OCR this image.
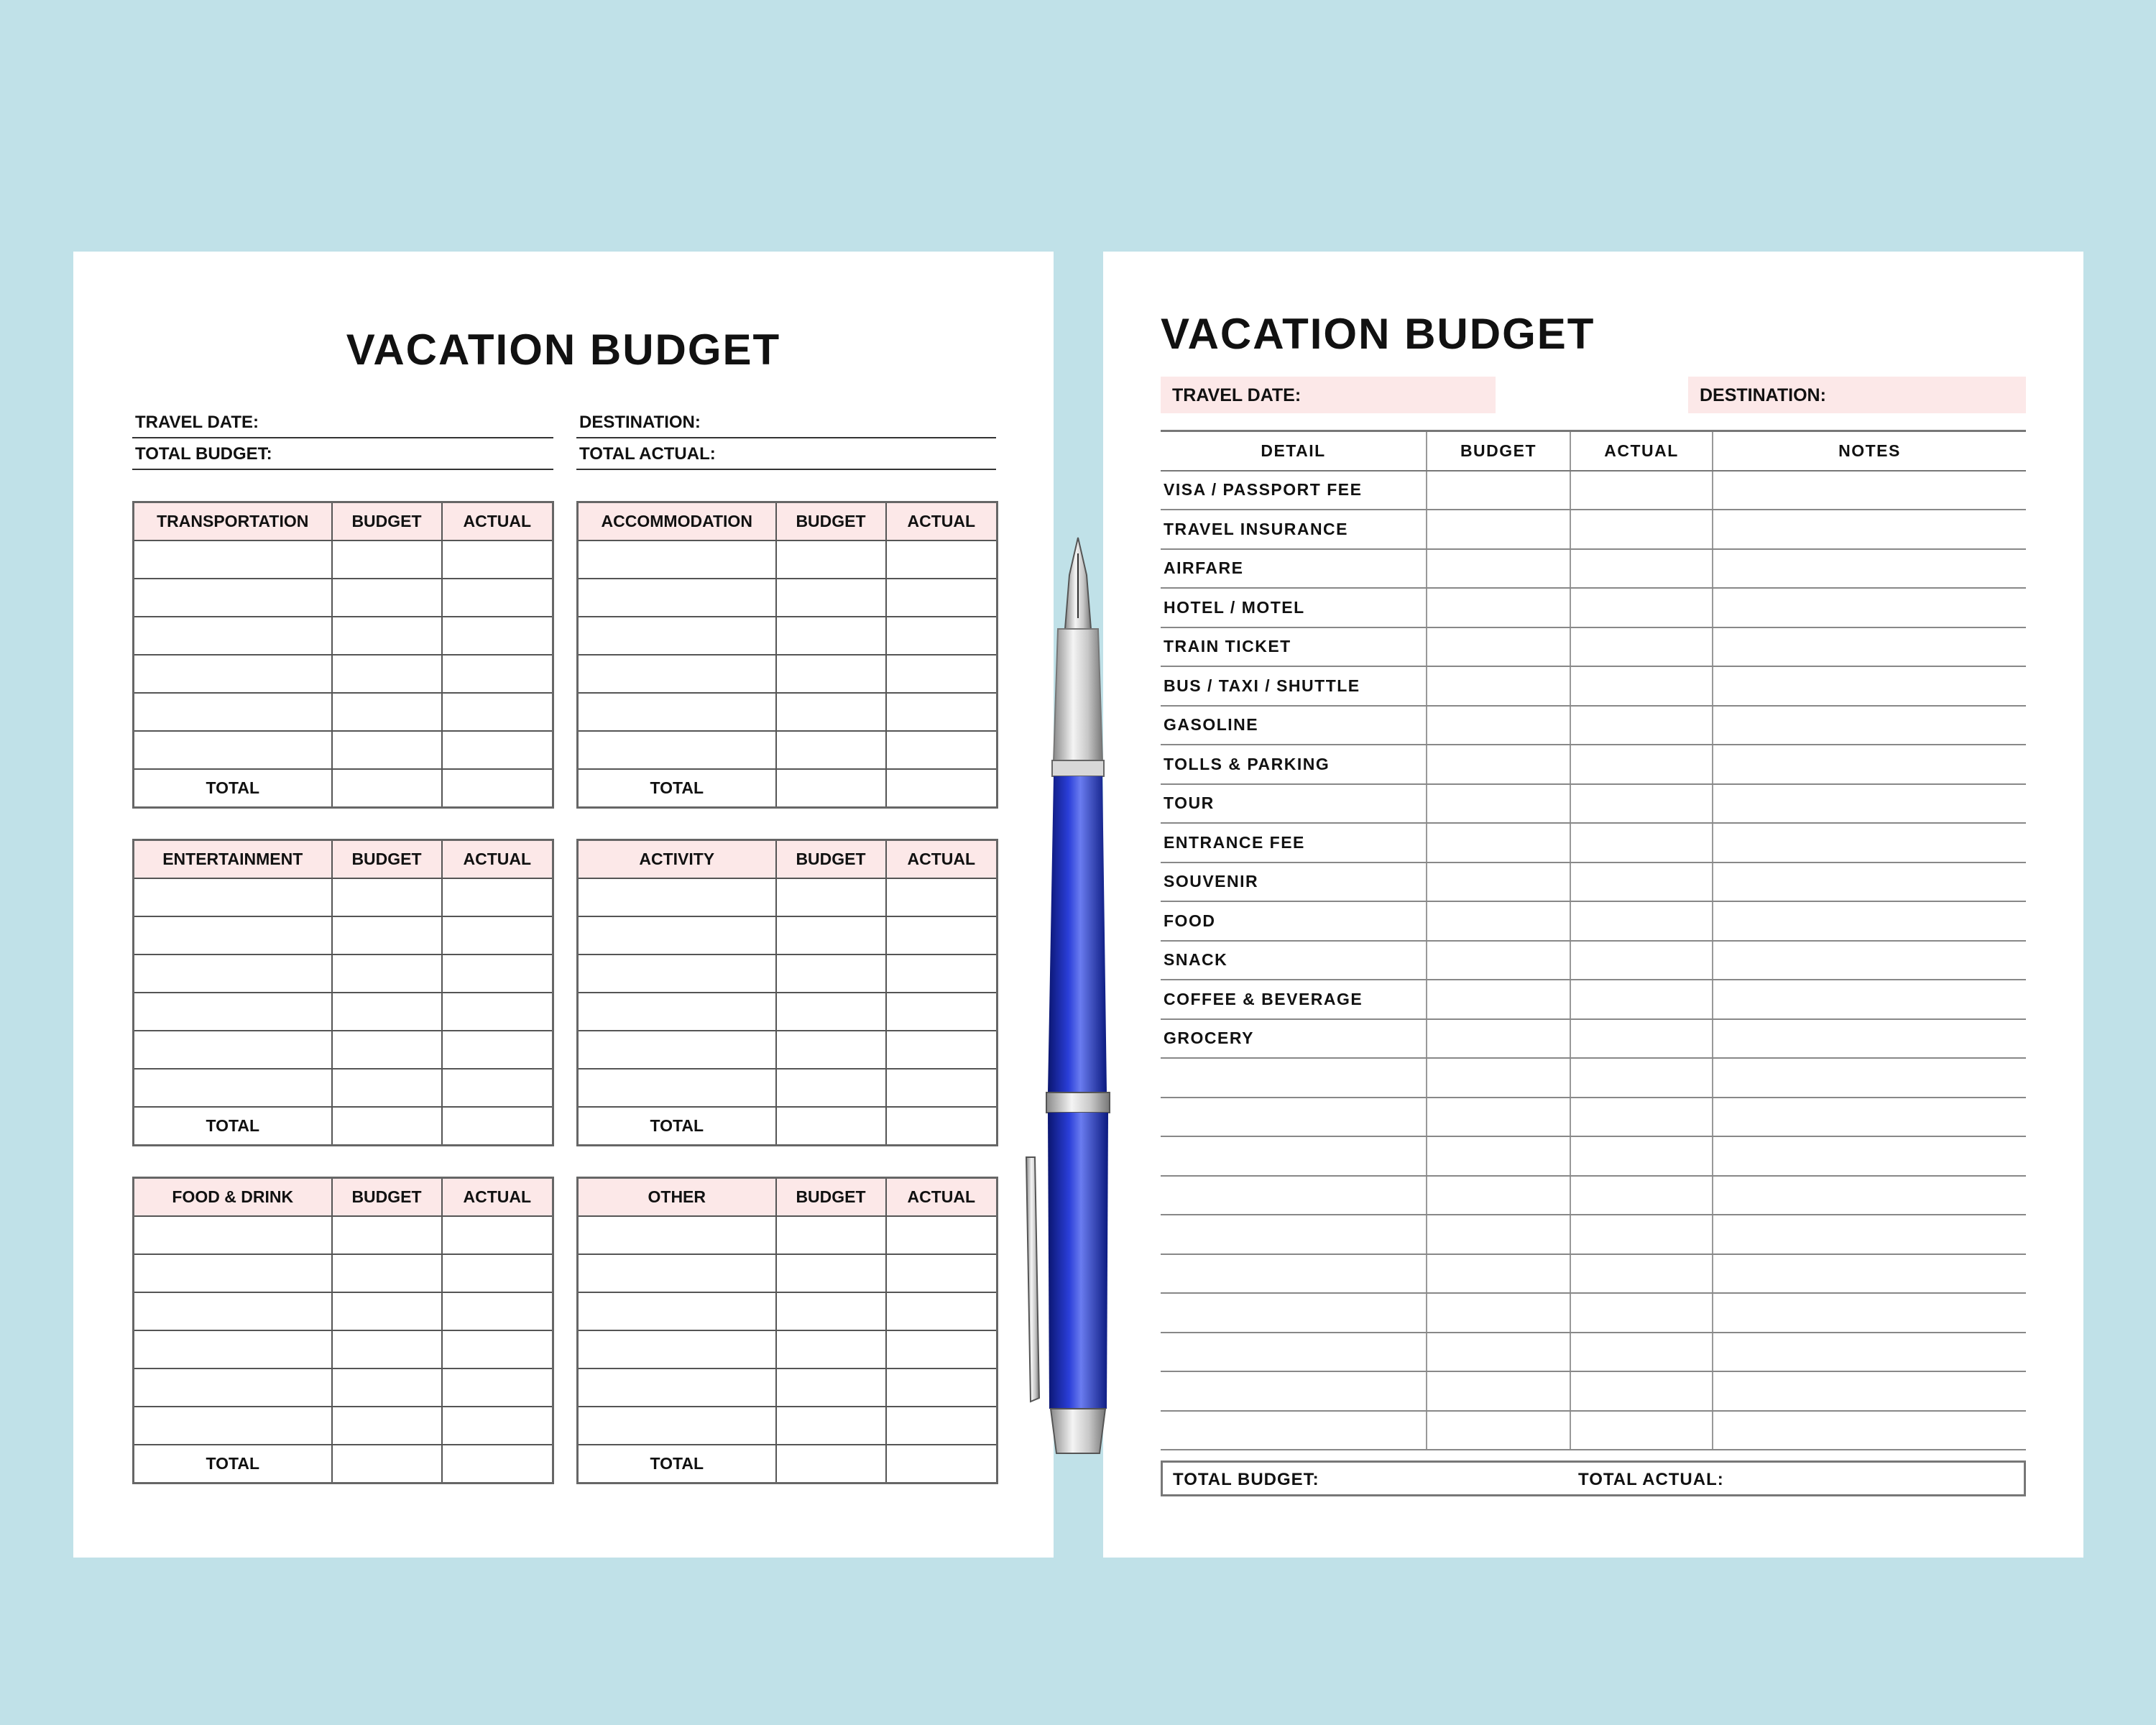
VACATION BUDGET
TRAVEL DATE:	DESTINATION:
TOTAL BUDGET:	TOTAL ACTUAL:
TRANSPORTATION	BUDGET	ACTUAL

TOTAL		
ACCOMMODATION	BUDGET	ACTUAL

TOTAL		
ENTERTAINMENT	BUDGET	ACTUAL

TOTAL		
ACTIVITY	BUDGET	ACTUAL

TOTAL		
FOOD & DRINK	BUDGET	ACTUAL

TOTAL		
OTHER	BUDGET	ACTUAL

TOTAL		
VACATION BUDGET
TRAVEL DATE:	DESTINATION:
DETAIL	BUDGET	ACTUAL	NOTES
VISA / PASSPORT FEE			
TRAVEL INSURANCE			
AIRFARE			
HOTEL / MOTEL			
TRAIN TICKET			
BUS / TAXI / SHUTTLE			
GASOLINE			
TOLLS & PARKING			
TOUR			
ENTRANCE FEE			
SOUVENIR			
FOOD			
SNACK			
COFFEE & BEVERAGE			
GROCERY			

TOTAL BUDGET:	TOTAL ACTUAL:
